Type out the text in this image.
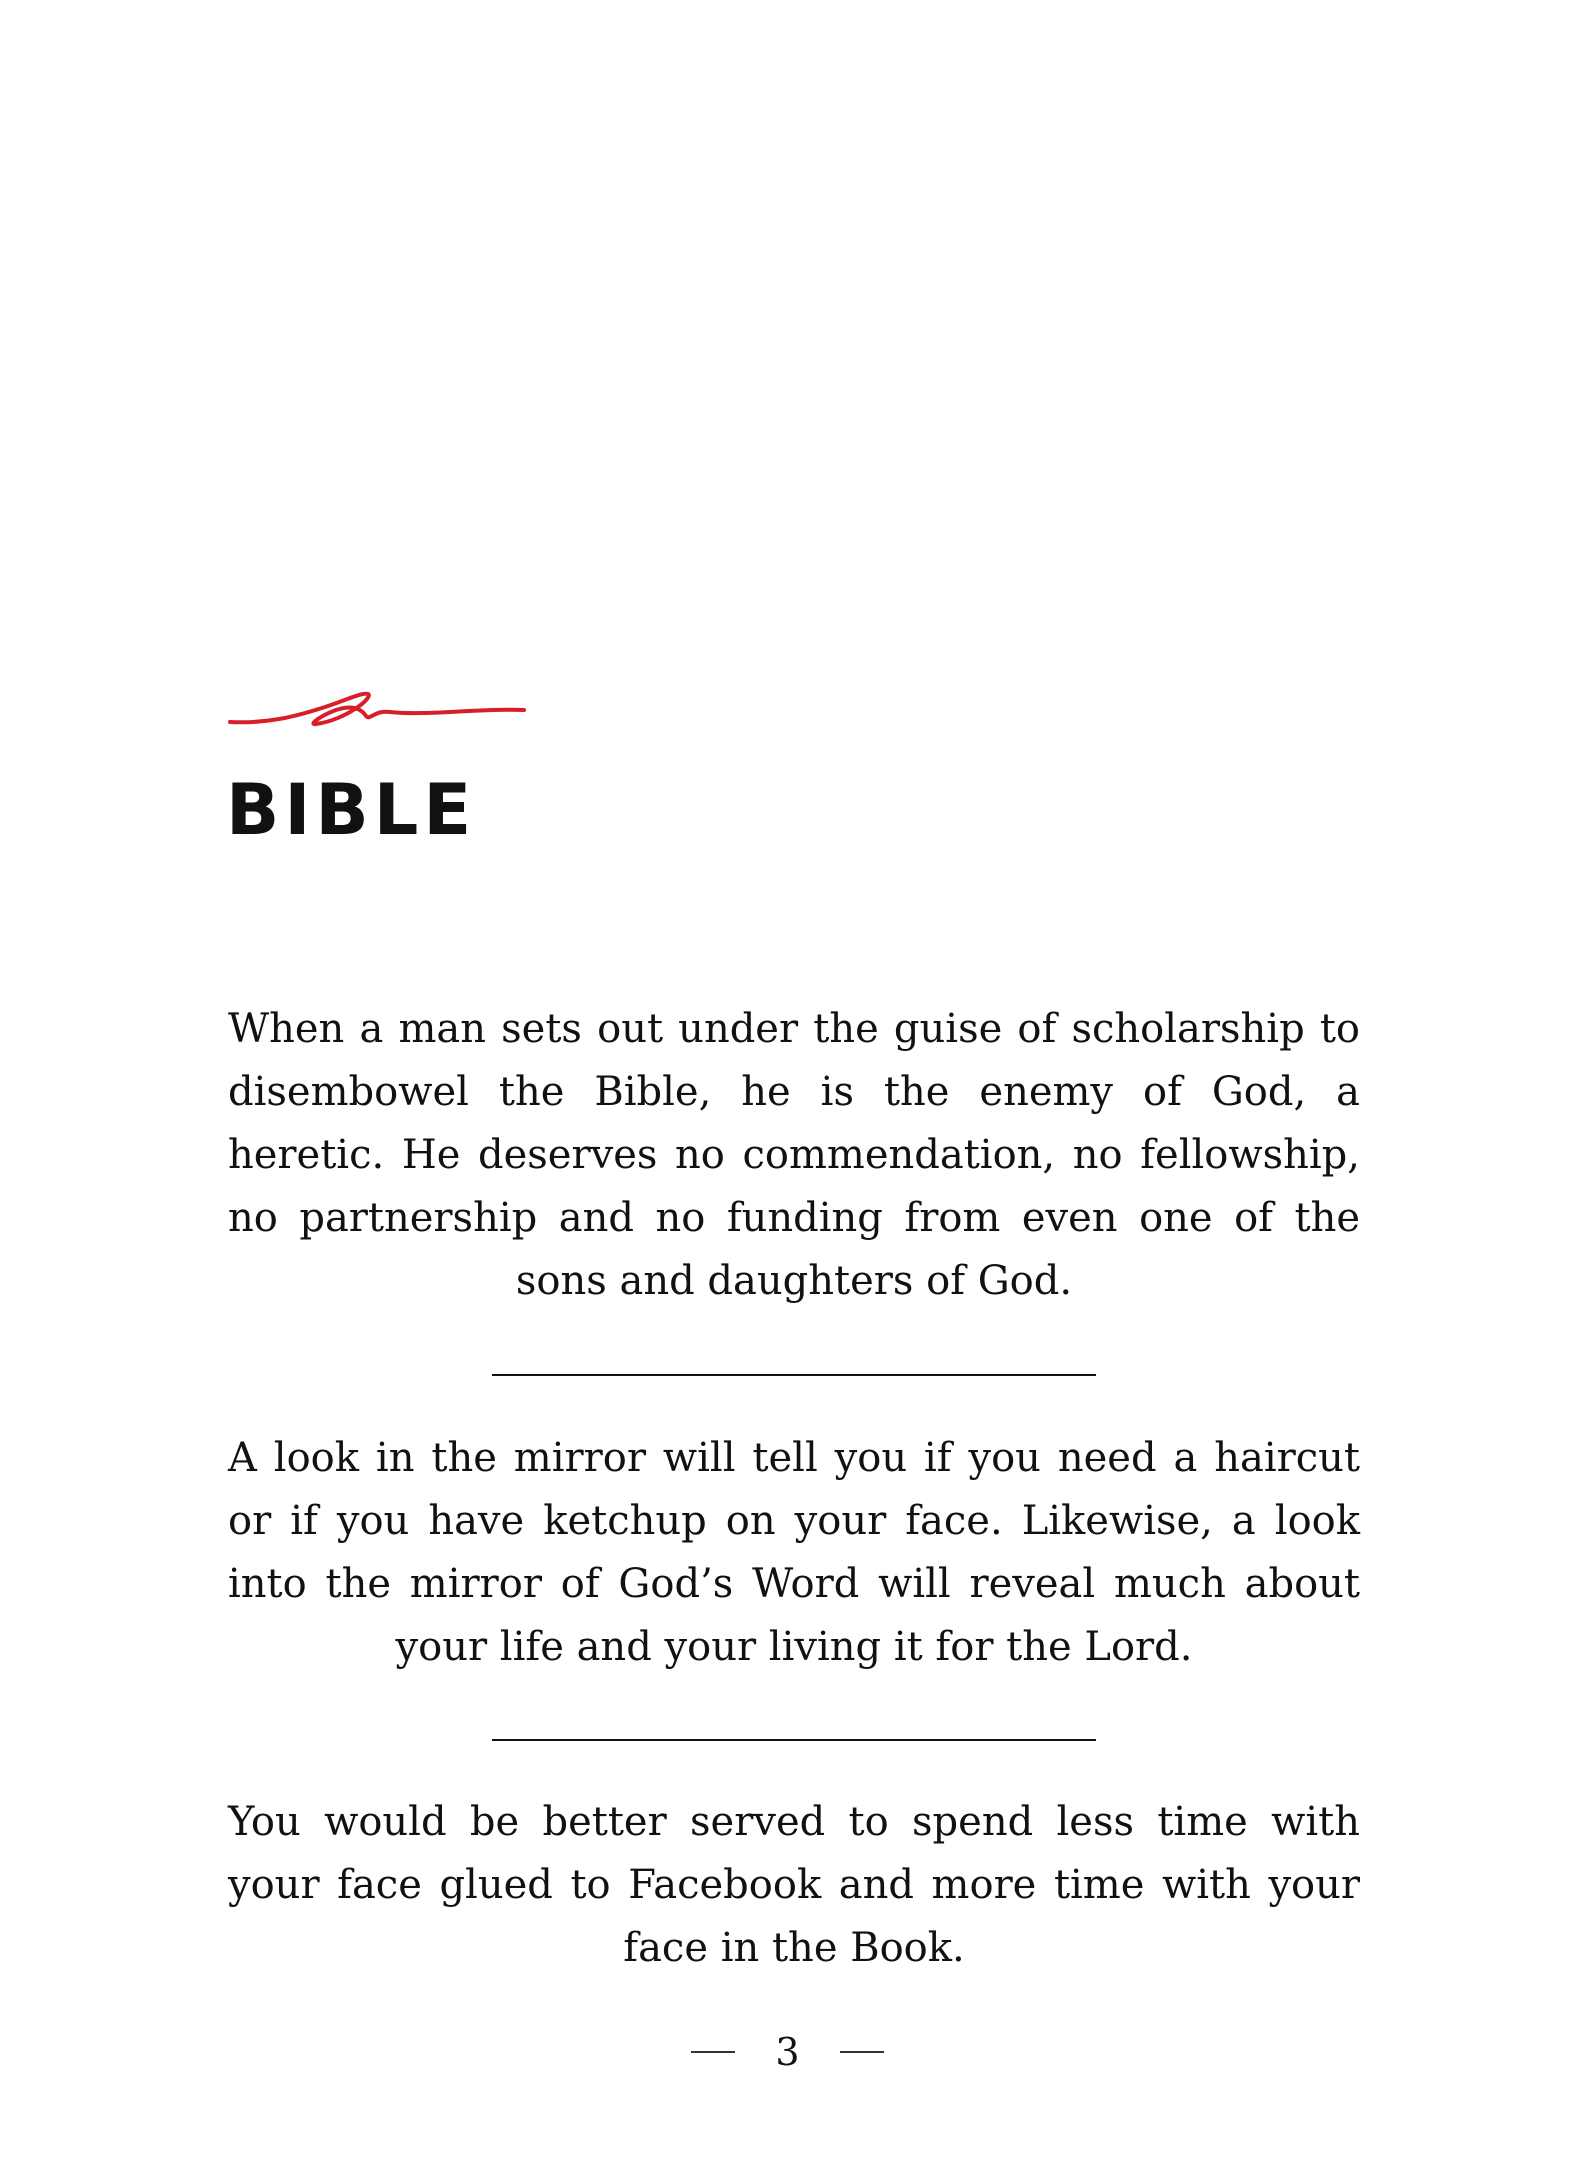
BIBLE

When a man sets out under the guise of scholarship to disembowel the Bible, he is the enemy of God, a heretic. He deserves no commendation, no fellowship, no partnership and no funding from even one of the sons and daughters of God.

A look in the mirror will tell you if you need a haircut or if you have ketchup on your face. Likewise, a look into the mirror of God’s Word will reveal much about your life and your living it for the Lord.

You would be better served to spend less time with your face glued to Facebook and more time with your face in the Book.

3
